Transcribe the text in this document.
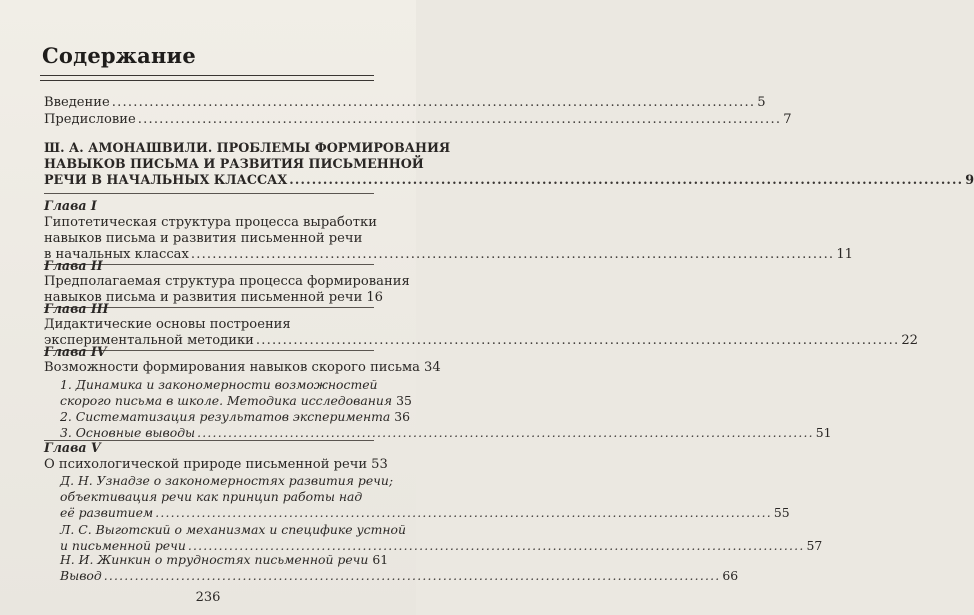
Содержание
Введение ........................................................................................................................ 5
Предисловие ........................................................................................................................ 7
Ш. А. АМОНАШВИЛИ. ПРОБЛЕМЫ ФОРМИРОВАНИЯ
НАВЫКОВ ПИСЬМА И РАЗВИТИЯ ПИСЬМЕННОЙ
РЕЧИ В НАЧАЛЬНЫХ КЛАССАХ ........................................................................................................................ 9
Глава I
Гипотетическая структура процесса выработки
навыков письма и развития письменной речи
в начальных классах ........................................................................................................................ 11
Глава II
Предполагаемая структура процесса формирования
навыков письма и развития письменной речи 16
Глава III
Дидактические основы построения
экспериментальной методики ........................................................................................................................ 22
Глава IV
Возможности формирования навыков скорого письма 34
1. Динамика и закономерности возможностей
скорого письма в школе. Методика исследования 35
2. Систематизация результатов эксперимента 36
3. Основные выводы ........................................................................................................................ 51
Глава V
О психологической природе письменной речи 53
Д. Н. Узнадзе о закономерностях развития речи;
объективация речи как принцип работы над
её развитием ........................................................................................................................ 55
Л. С. Выготский о механизмах и специфике устной
и письменной речи ........................................................................................................................ 57
Н. И. Жинкин о трудностях письменной речи 61
236
Вывод ........................................................................................................................ 66
